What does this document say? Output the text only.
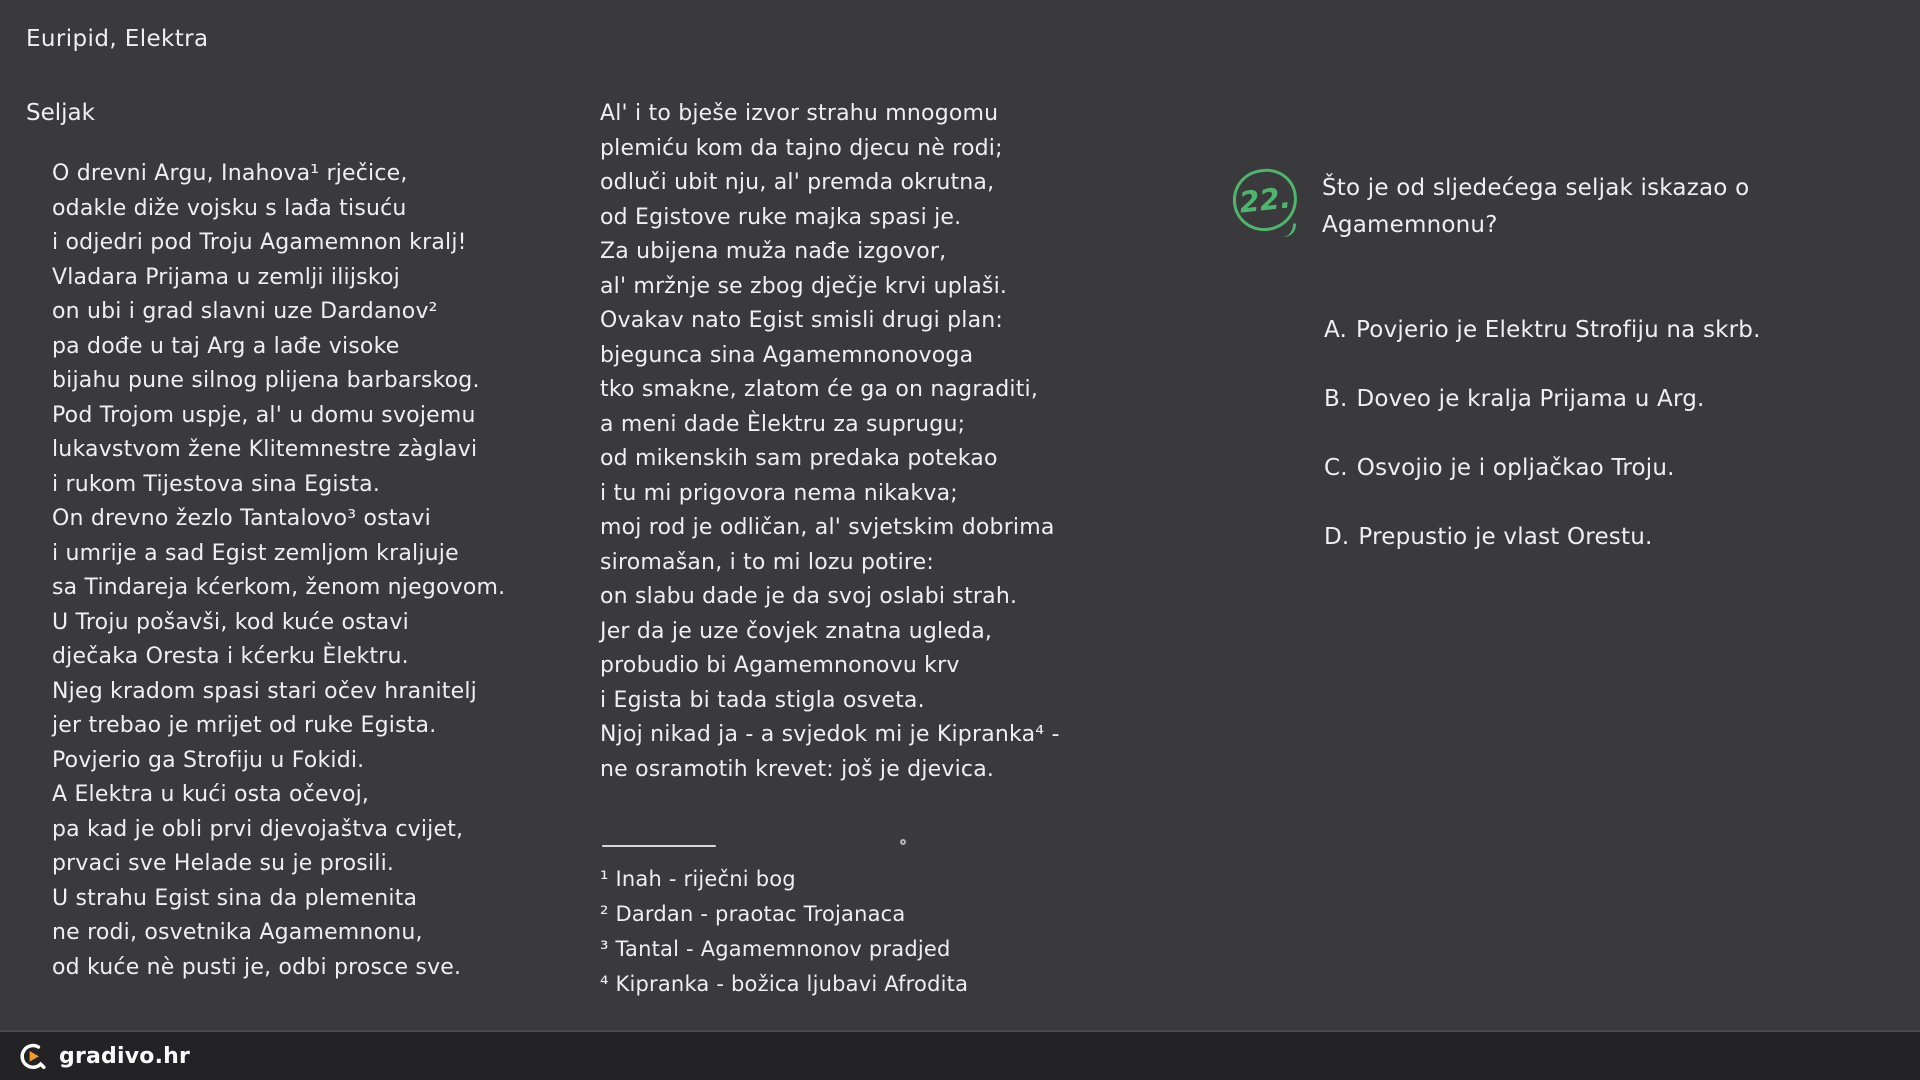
Euripid, Elektra
Seljak
O drevni Argu, Inahova¹ rječice,
odakle diže vojsku s lađa tisuću
i odjedri pod Troju Agamemnon kralj!
Vladara Prijama u zemlji ilijskoj
on ubi i grad slavni uze Dardanov²
pa dođe u taj Arg a lađe visoke
bijahu pune silnog plijena barbarskog.
Pod Trojom uspje, al' u domu svojemu
lukavstvom žene Klitemnestre zàglavi
i rukom Tijestova sina Egista.
On drevno žezlo Tantalovo³ ostavi
i umrije a sad Egist zemljom kraljuje
sa Tindareja kćerkom, ženom njegovom.
U Troju pošavši, kod kuće ostavi
dječaka Oresta i kćerku Èlektru.
Njeg kradom spasi stari očev hranitelj
jer trebao je mrijet od ruke Egista.
Povjerio ga Strofiju u Fokidi.
A Elektra u kući osta očevoj,
pa kad je obli prvi djevojaštva cvijet,
prvaci sve Helade su je prosili.
U strahu Egist sina da plemenita
ne rodi, osvetnika Agamemnonu,
od kuće nè pusti je, odbi prosce sve.
Al' i to bješe izvor strahu mnogomu
plemiću kom da tajno djecu nè rodi;
odluči ubit nju, al' premda okrutna,
od Egistove ruke majka spasi je.
Za ubijena muža nađe izgovor,
al' mržnje se zbog dječje krvi uplaši.
Ovakav nato Egist smisli drugi plan:
bjegunca sina Agamemnonovoga
tko smakne, zlatom će ga on nagraditi,
a meni dade Èlektru za suprugu;
od mikenskih sam predaka potekao
i tu mi prigovora nema nikakva;
moj rod je odličan, al' svjetskim dobrima
siromašan, i to mi lozu potire:
on slabu dade je da svoj oslabi strah.
Jer da je uze čovjek znatna ugleda,
probudio bi Agamemnonovu krv
i Egista bi tada stigla osveta.
Njoj nikad ja - a svjedok mi je Kipranka⁴ -
ne osramotih krevet: još je djevica.
¹ Inah - riječni bog
² Dardan - praotac Trojanaca
³ Tantal - Agamemnonov pradjed
⁴ Kipranka - božica ljubavi Afrodita
22. Što je od sljedećega seljak iskazao o
Agamemnonu?
A. Povjerio je Elektru Strofiju na skrb.
B. Doveo je kralja Prijama u Arg.
C. Osvojio je i opljačkao Troju.
D. Prepustio je vlast Orestu.
gradivo.hr
